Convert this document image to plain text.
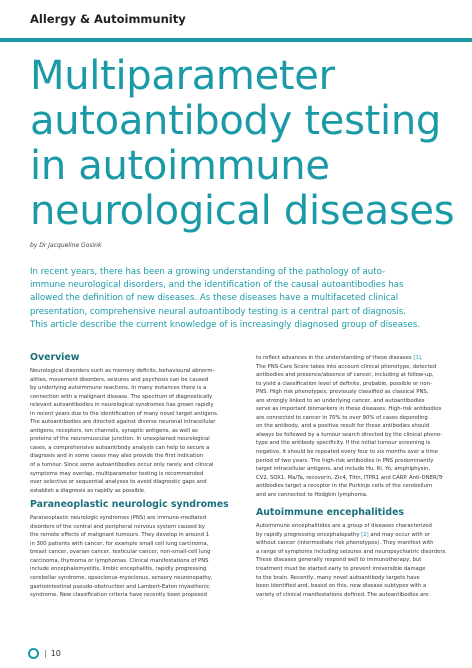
Allergy & Autoimmunity
Multiparameter
autoantibody testing
in autoimmune
neurological diseases
by Dr Jacqueline Gosink
In recent years, there has been a growing understanding of the pathology of auto-
immune neurological disorders, and the identification of the causal autoantibodies has
allowed the definition of new diseases. As these diseases have a multifaceted clinical
presentation, comprehensive neural autoantibody testing is a central part of diagnosis.
This article describe the current knowledge of is increasingly diagnosed group of diseases.
Overview
Neurological disorders such as memory deficits, behavioural abnorm-
alities, movement disorders, seizures and psychosis can be caused
by underlying autoimmune reactions. In many instances there is a
connection with a malignant disease. The spectrum of diagnostically
relevant autoantibodies in neurological syndromes has grown rapidly
in recent years due to the identification of many novel target antigens.
The autoantibodies are directed against diverse neuronal intracellular
antigens, receptors, ion channels, synaptic antigens, as well as
proteins of the neuromuscular junction. In unexplained neurological
cases, a comprehensive autoantibody analysis can help to secure a
diagnosis and in some cases may also provide the first indication
of a tumour. Since some autoantibodies occur only rarely and clinical
symptoms may overlap, multiparameter testing is recommended
over selective or sequential analyses to avoid diagnostic gaps and
establish a diagnosis as rapidly as possible.
Paraneoplastic neurologic syndromes
Paraneoplastic neurologic syndromes (PNS) are immune-mediated
disorders of the central and peripheral nervous system caused by
the remote effects of malignant tumours. They develop in around 1
in 300 patients with cancer, for example small cell lung carcinoma,
breast cancer, ovarian cancer, testicular cancer, non-small-cell lung
carcinoma, thymoma or lymphomas. Clinical manifestations of PNS
include encephalomyelitis, limbic encephalitis, rapidly progressing
cerebellar syndrome, opsoclonus-myoclonus, sensory neuronopathy,
gastrointestinal pseudo-obstruction and Lambert-Eaton myasthenic
syndrome. New classification criteria have recently been proposed
to reflect advances in the understanding of these diseases [1].
The PNS-Care Score takes into account clinical phenotype, detected
antibodies and presence/absence of cancer, including at follow-up,
to yield a classification level of definite, probable, possible or non-
PNS. High risk phenotypes, previously classified as classical PNS,
are strongly linked to an underlying cancer, and autoantibodies
serve as important biomarkers in these diseases. High-risk antibodies
are connected to cancer in 70% to over 90% of cases depending
on the antibody, and a positive result for these antibodies should
always be followed by a tumour search directed by the clinical pheno-
type and the antibody specificity. If the initial tumour screening is
negative, it should be repeated every four to six months over a time
period of two years. The high-risk antibodies in PNS predominantly
target intracellular antigens, and include Hu, Ri, Yo, amphiphysin,
CV2, SOX1, Ma/Ta, recoverin, Zic4, Titin, ITPR1 and CARP. Anti-DNER/Tr
antibodies target a receptor in the Purkinje cells of the cerebellum
and are connected to Hodgkin lymphoma.
Autoimmune encephalitides
Autoimmune encephalitides are a group of diseases characterized
by rapidly progressing encephalopathy [2] and may occur with or
without cancer (intermediate risk phenotypes). They manifest with
a range of symptoms including seizures and neuropsychiatric disorders.
These diseases generally respond well to immunotherapy, but
treatment must be started early to prevent irreversible damage
to the brain. Recently, many novel autoantibody targets have
been identified and, based on this, new disease subtypes with a
variety of clinical manifestations defined. The autoantibodies are
| 10
